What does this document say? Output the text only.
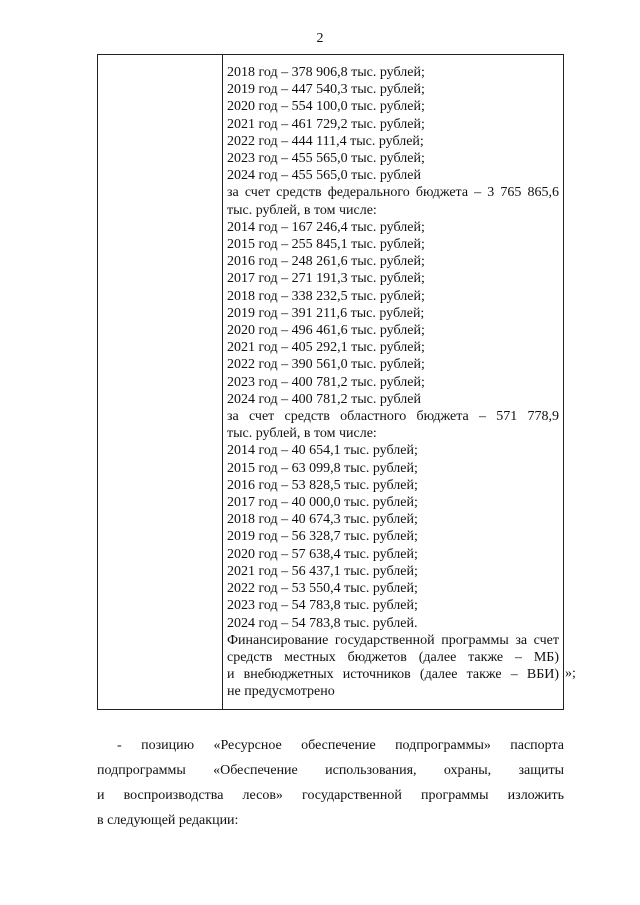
2
2018 год – 378 906,8 тыс. рублей;
2019 год – 447 540,3 тыс. рублей;
2020 год – 554 100,0 тыс. рублей;
2021 год – 461 729,2 тыс. рублей;
2022 год – 444 111,4 тыс. рублей;
2023 год – 455 565,0 тыс. рублей;
2024 год – 455 565,0 тыс. рублей
за счет средств федерального бюджета – 3 765 865,6
тыс. рублей, в том числе:
2014 год – 167 246,4 тыс. рублей;
2015 год – 255 845,1 тыс. рублей;
2016 год – 248 261,6 тыс. рублей;
2017 год – 271 191,3 тыс. рублей;
2018 год – 338 232,5 тыс. рублей;
2019 год – 391 211,6 тыс. рублей;
2020 год – 496 461,6 тыс. рублей;
2021 год – 405 292,1 тыс. рублей;
2022 год – 390 561,0 тыс. рублей;
2023 год – 400 781,2 тыс. рублей;
2024 год – 400 781,2 тыс. рублей
за счет средств областного бюджета – 571 778,9
тыс. рублей, в том числе:
2014 год – 40 654,1 тыс. рублей;
2015 год – 63 099,8 тыс. рублей;
2016 год – 53 828,5 тыс. рублей;
2017 год – 40 000,0 тыс. рублей;
2018 год – 40 674,3 тыс. рублей;
2019 год – 56 328,7 тыс. рублей;
2020 год – 57 638,4 тыс. рублей;
2021 год – 56 437,1 тыс. рублей;
2022 год – 53 550,4 тыс. рублей;
2023 год – 54 783,8 тыс. рублей;
2024 год – 54 783,8 тыс. рублей.
Финансирование государственной программы за счет
средств местных бюджетов (далее также – МБ)
и внебюджетных источников (далее также – ВБИ)
не предусмотрено
»;
- позицию «Ресурсное обеспечение подпрограммы» паспорта
подпрограммы «Обеспечение использования, охраны, защиты
и воспроизводства лесов» государственной программы изложить
в следующей редакции:
